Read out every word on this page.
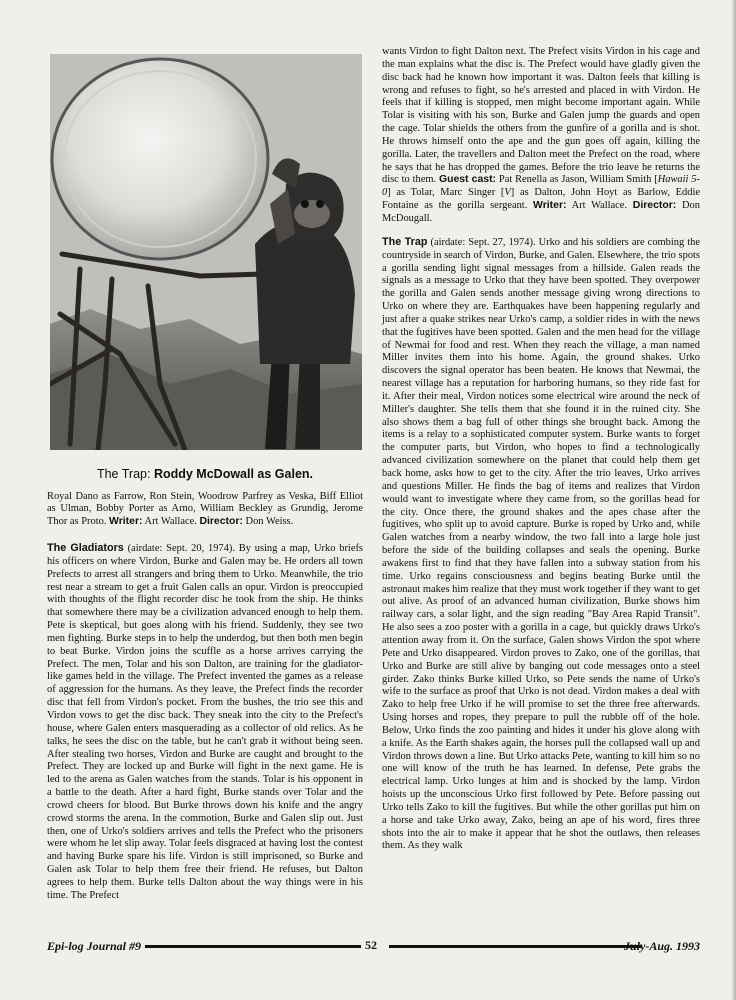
The Trap: Roddy McDowall as Galen.

Royal Dano as Farrow, Ron Stein, Woodrow Parfrey as Veska, Biff Elliot as Ulman, Bobby Porter as Arno, William Beckley as Grundig, Jerome Thor as Proto. Writer: Art Wallace. Director: Don Weiss.

The Gladiators (airdate: Sept. 20, 1974). By using a map, Urko briefs his officers on where Virdon, Burke and Galen may be. He orders all town Prefects to arrest all strangers and bring them to Urko. Meanwhile, the trio rest near a stream to get a fruit Galen calls an opur. Virdon is preoccupied with thoughts of the flight recorder disc he took from the ship. He thinks that somewhere there may be a civilization advanced enough to help them. Pete is skeptical, but goes along with his friend. Suddenly, they see two men fighting. Burke steps in to help the underdog, but then both men begin to beat Burke. Virdon joins the scuffle as a horse arrives carrying the Prefect. The men, Tolar and his son Dalton, are training for the gladiator-like games held in the village. The Prefect invented the games as a release of aggression for the humans. As they leave, the Prefect finds the recorder disc that fell from Virdon's pocket. From the bushes, the trio see this and Virdon vows to get the disc back. They sneak into the city to the Prefect's house, where Galen enters masquerading as a collector of old relics. As he talks, he sees the disc on the table, but he can't grab it without being seen. After stealing two horses, Virdon and Burke are caught and brought to the Prefect. They are locked up and Burke will fight in the next game. He is led to the arena as Galen watches from the stands. Tolar is his opponent in a battle to the death. After a hard fight, Burke stands over Tolar and the crowd cheers for blood. But Burke throws down his knife and the angry crowd storms the arena. In the commotion, Burke and Galen slip out. Just then, one of Urko's soldiers arrives and tells the Prefect who the prisoners were whom he let slip away. Tolar feels disgraced at having lost the contest and having Burke spare his life. Virdon is still imprisoned, so Burke and Galen ask Tolar to help them free their friend. He refuses, but Dalton agrees to help them. Burke tells Dalton about the way things were in his time. The Prefect

wants Virdon to fight Dalton next. The Prefect visits Virdon in his cage and the man explains what the disc is. The Prefect would have gladly given the disc back had he known how important it was. Dalton feels that killing is wrong and refuses to fight, so he's arrested and placed in with Virdon. He feels that if killing is stopped, men might become important again. While Tolar is visiting with his son, Burke and Galen jump the guards and open the cage. Tolar shields the others from the gunfire of a gorilla and is shot. He throws himself onto the ape and the gun goes off again, killing the gorilla. Later, the travellers and Dalton meet the Prefect on the road, where he says that he has dropped the games. Before the trio leave he returns the disc to them. Guest cast: Pat Renella as Jason, William Smith [Hawaii 5-0] as Tolar, Marc Singer [V] as Dalton, John Hoyt as Barlow, Eddie Fontaine as the gorilla sergeant. Writer: Art Wallace. Director: Don McDougall.

The Trap (airdate: Sept. 27, 1974). Urko and his soldiers are combing the countryside in search of Virdon, Burke, and Galen. Elsewhere, the trio spots a gorilla sending light signal messages from a hillside. Galen reads the signals as a message to Urko that they have been spotted. They overpower the gorilla and Galen sends another message giving wrong directions to Urko on where they are. Earthquakes have been happening regularly and just after a quake strikes near Urko's camp, a soldier rides in with the news that the fugitives have been spotted. Galen and the men head for the village of Newmai for food and rest. When they reach the village, a man named Miller invites them into his home. Again, the ground shakes. Urko discovers the signal operator has been beaten. He knows that Newmai, the nearest village has a reputation for harboring humans, so they ride fast for it. After their meal, Virdon notices some electrical wire around the neck of Miller's daughter. She tells them that she found it in the ruined city. She also shows them a bag full of other things she brought back. Among the items is a relay to a sophisticated computer system. Burke wants to forget the computer parts, but Virdon, who hopes to find a technologically advanced civilization somewhere on the planet that could help them get back home, asks how to get to the city. After the trio leaves, Urko arrives and questions Miller. He finds the bag of items and realizes that Virdon would want to investigate where they came from, so the gorillas head for the city. Once there, the ground shakes and the apes chase after the fugitives, who split up to avoid capture. Burke is roped by Urko and, while Galen watches from a nearby window, the two fall into a large hole just before the side of the building collapses and seals the opening. Burke awakens first to find that they have fallen into a subway station from his time. Urko regains consciousness and begins beating Burke until the astronaut makes him realize that they must work together if they want to get out alive. As proof of an advanced human civilization, Burke shows him railway cars, a solar light, and the sign reading "Bay Area Rapid Transit". He also sees a zoo poster with a gorilla in a cage, but quickly draws Urko's attention away from it. On the surface, Galen shows Virdon the spot where Pete and Urko disappeared. Virdon proves to Zako, one of the gorillas, that Urko and Burke are still alive by banging out code messages onto a steel girder. Zako thinks Burke killed Urko, so Pete sends the name of Urko's wife to the surface as proof that Urko is not dead. Virdon makes a deal with Zako to help free Urko if he will promise to set the three free afterwards. Using horses and ropes, they prepare to pull the rubble off of the hole. Below, Urko finds the zoo painting and hides it under his glove along with a knife. As the Earth shakes again, the horses pull the collapsed wall up and Virdon throws down a line. But Urko attacks Pete, wanting to kill him so no one will know of the truth he has learned. In defense, Pete grabs the electrical lamp. Urko lunges at him and is shocked by the lamp. Virdon hoists up the unconscious Urko first followed by Pete. Before passing out Urko tells Zako to kill the fugitives. But while the other gorillas put him on a horse and take Urko away, Zako, being an ape of his word, fires three shots into the air to make it appear that he shot the outlaws, then releases them. As they walk

Epi-log Journal #9	52	July-Aug. 1993
